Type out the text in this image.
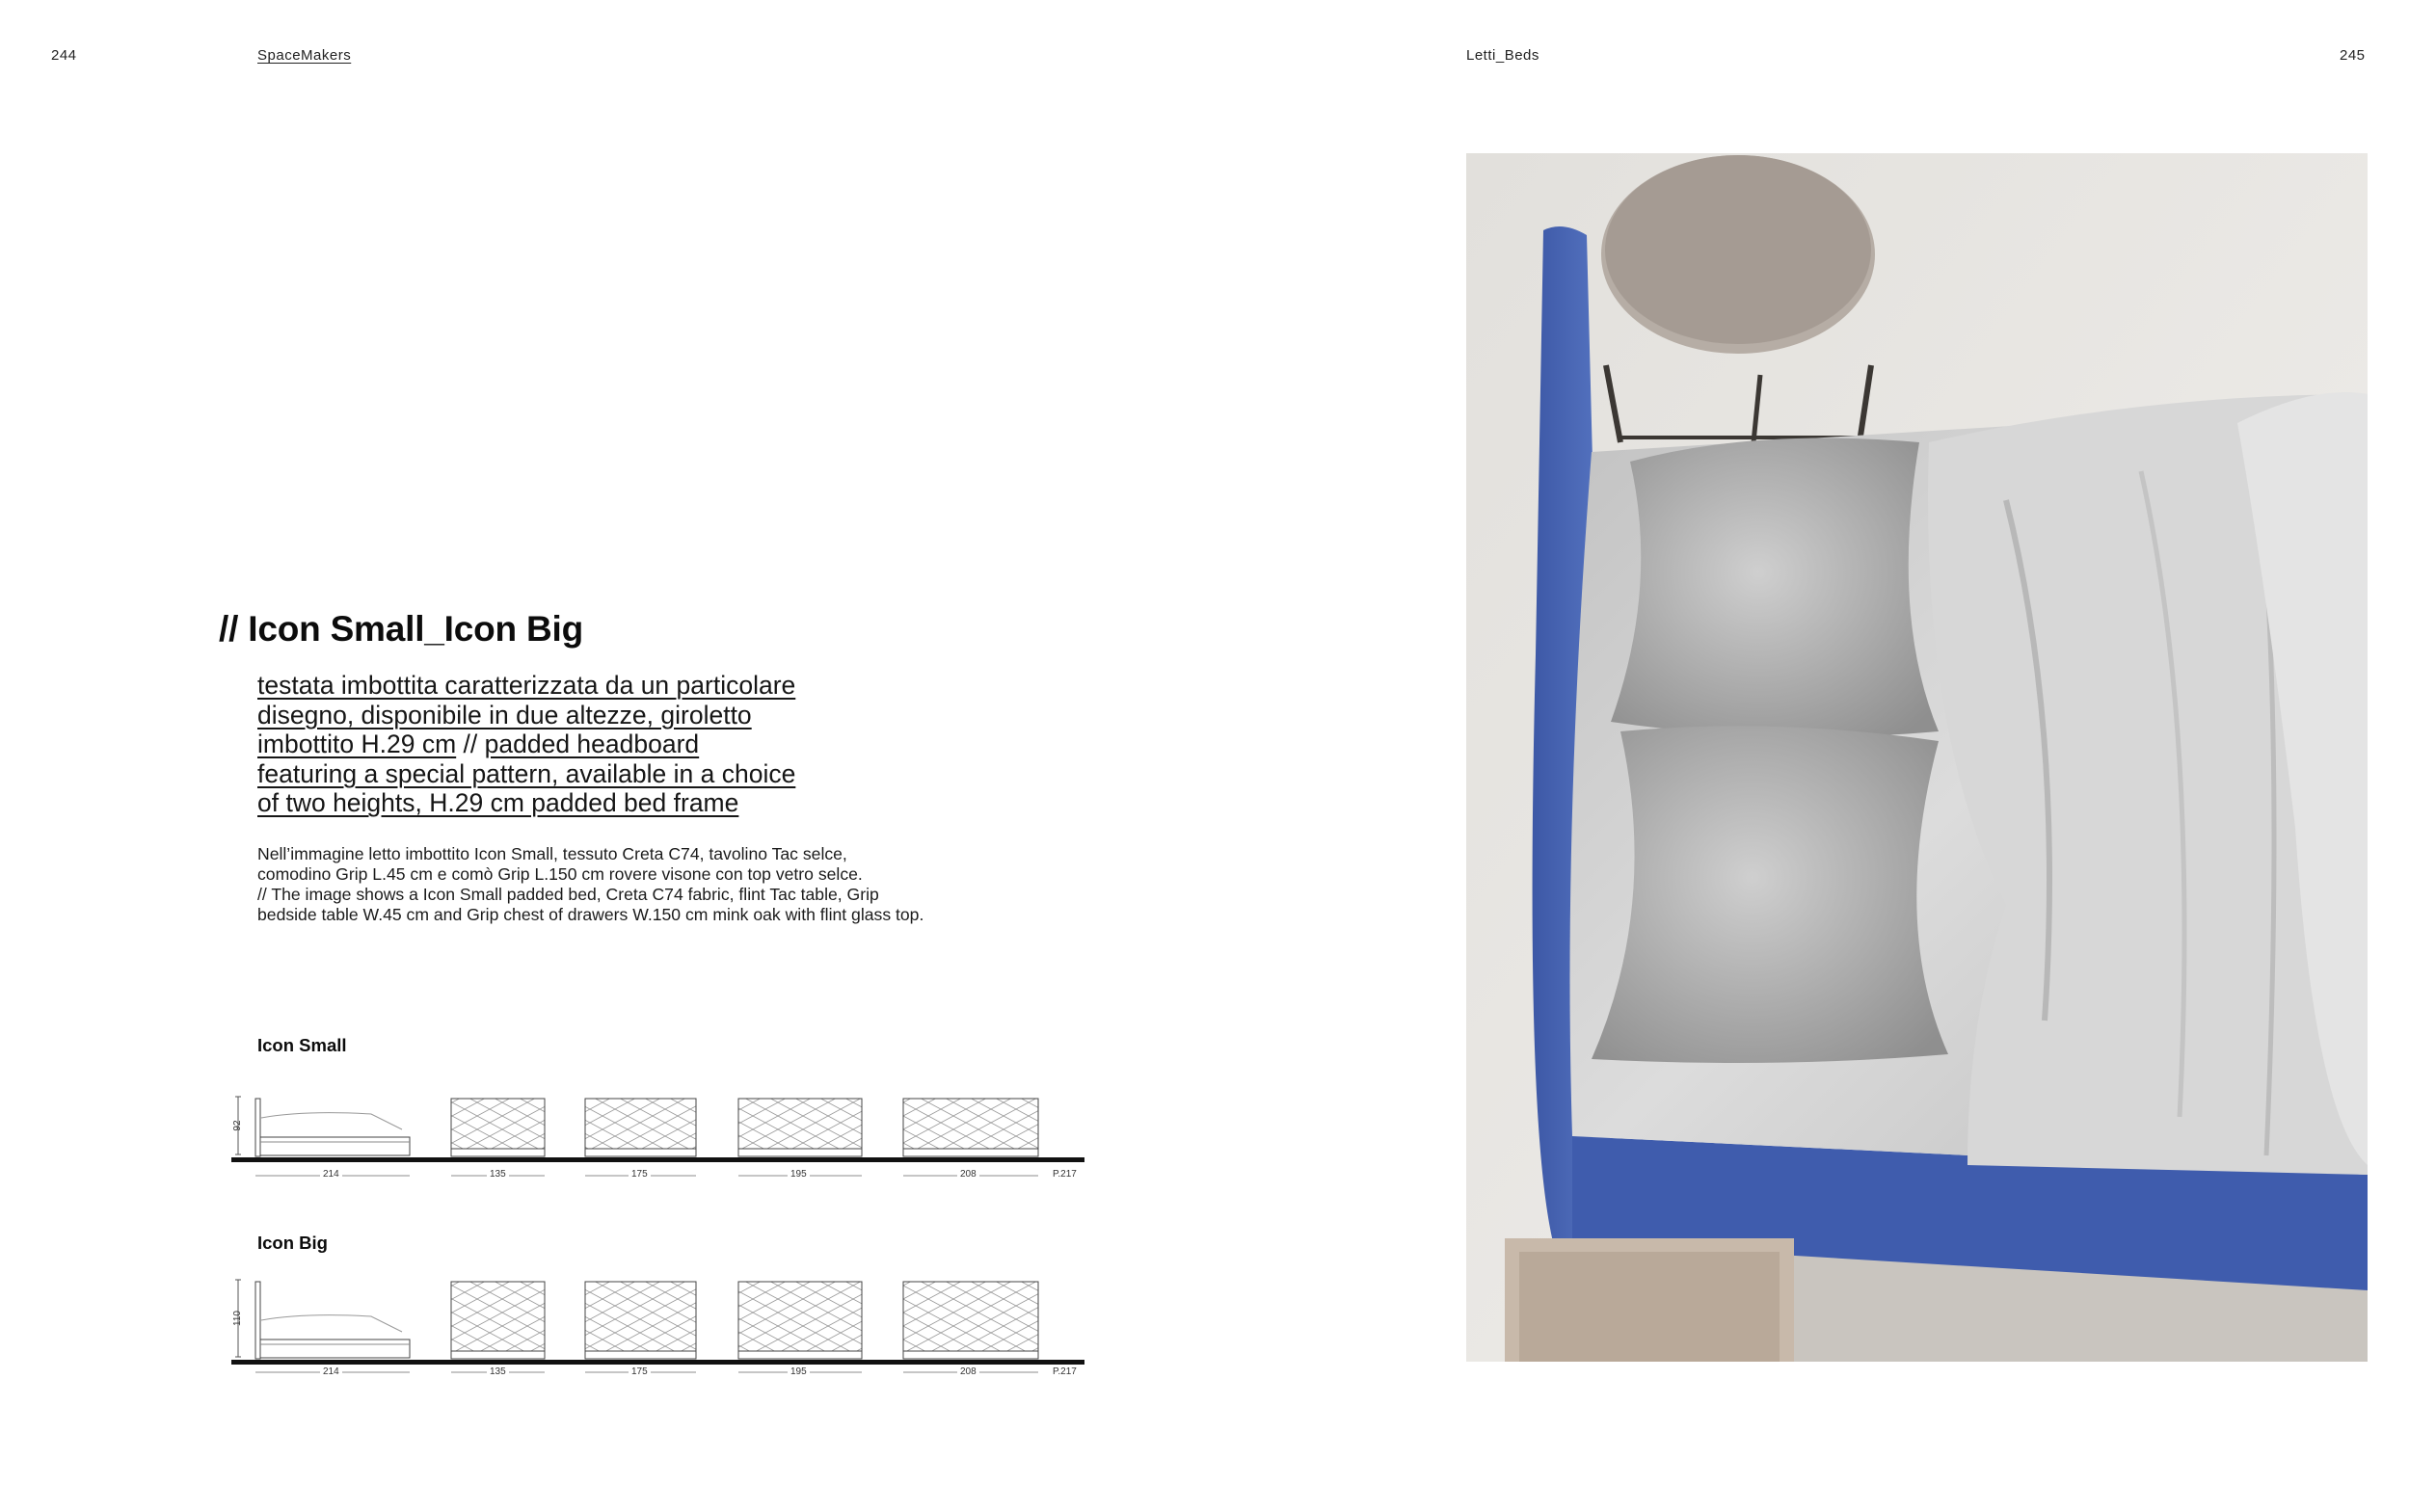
244	SpaceMakers	Letti_Beds	245
// Icon Small_Icon Big
testata imbottita caratterizzata da un particolare
disegno, disponibile in due altezze, giroletto
imbottito H.29 cm // padded headboard
featuring a special pattern, available in a choice
of two heights, H.29 cm padded bed frame
Nell’immagine letto imbottito Icon Small, tessuto Creta C74, tavolino Tac selce,
comodino Grip L.45 cm e comò Grip L.150 cm rovere visone con top vetro selce.
// The image shows a Icon Small padded bed, Creta C74 fabric, flint Tac table, Grip
bedside table W.45 cm and Grip chest of drawers W.150 cm mink oak with flint glass top.
Icon Small
92
214	135	175	195	208	P.217
Icon Big
110
214	135	175	195	208	P.217
